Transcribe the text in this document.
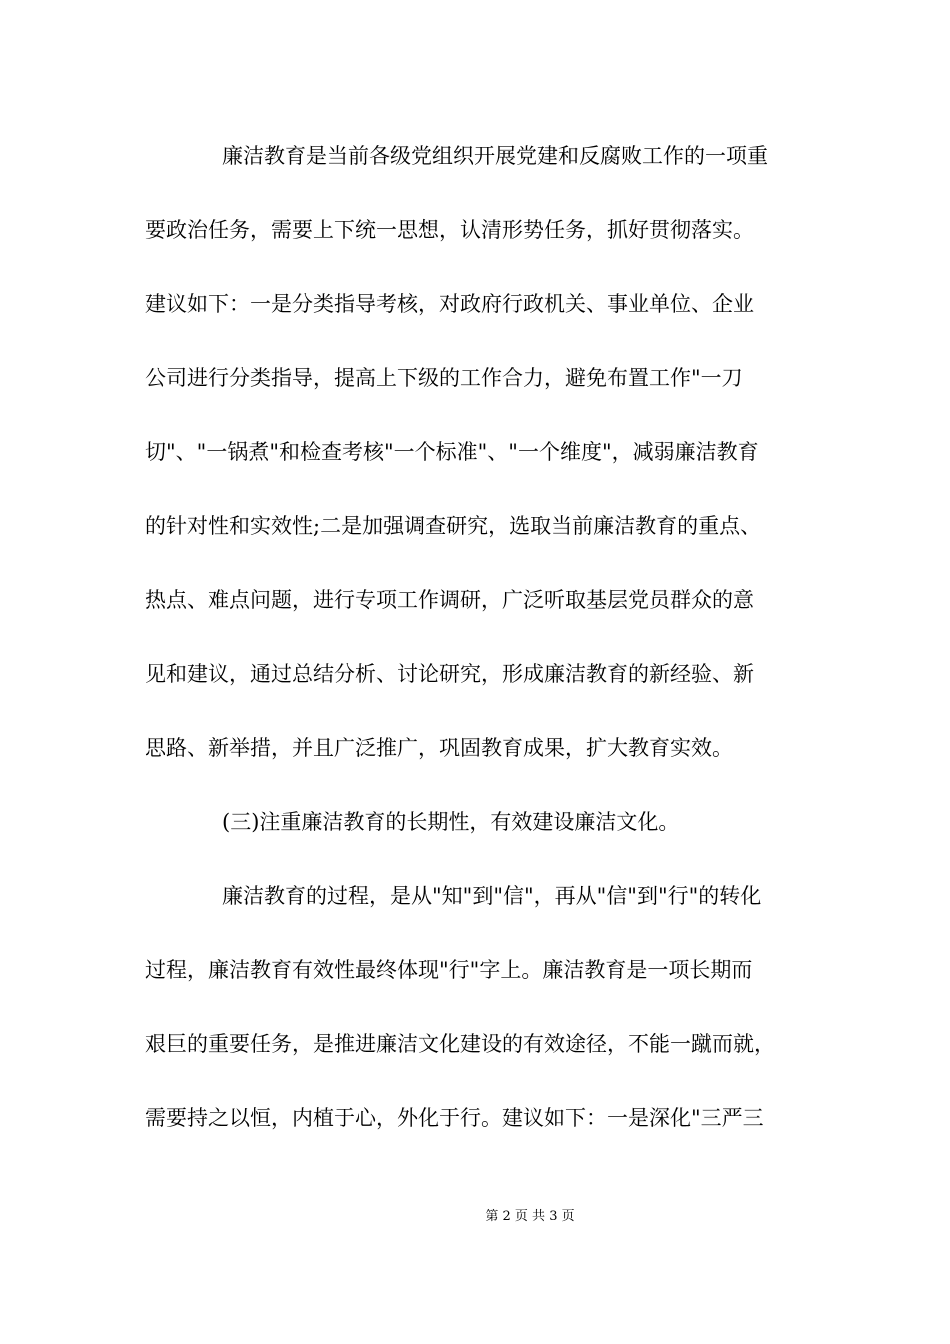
廉洁教育是当前各级党组织开展党建和反腐败工作的一项重
要政治任务，需要上下统一思想，认清形势任务，抓好贯彻落实。
建议如下：一是分类指导考核，对政府行政机关、事业单位、企业
公司进行分类指导，提高上下级的工作合力，避免布置工作"一刀
切"、"一锅煮"和检查考核"一个标准"、"一个维度"，减弱廉洁教育
的针对性和实效性;二是加强调查研究，选取当前廉洁教育的重点、
热点、难点问题，进行专项工作调研，广泛听取基层党员群众的意
见和建议，通过总结分析、讨论研究，形成廉洁教育的新经验、新
思路、新举措，并且广泛推广，巩固教育成果，扩大教育实效。
(三)注重廉洁教育的长期性，有效建设廉洁文化。
廉洁教育的过程，是从"知"到"信"，再从"信"到"行"的转化
过程，廉洁教育有效性最终体现"行"字上。廉洁教育是一项长期而
艰巨的重要任务，是推进廉洁文化建设的有效途径，不能一蹴而就，
需要持之以恒，内植于心，外化于行。建议如下：一是深化"三严三
第 2 页 共 3 页
